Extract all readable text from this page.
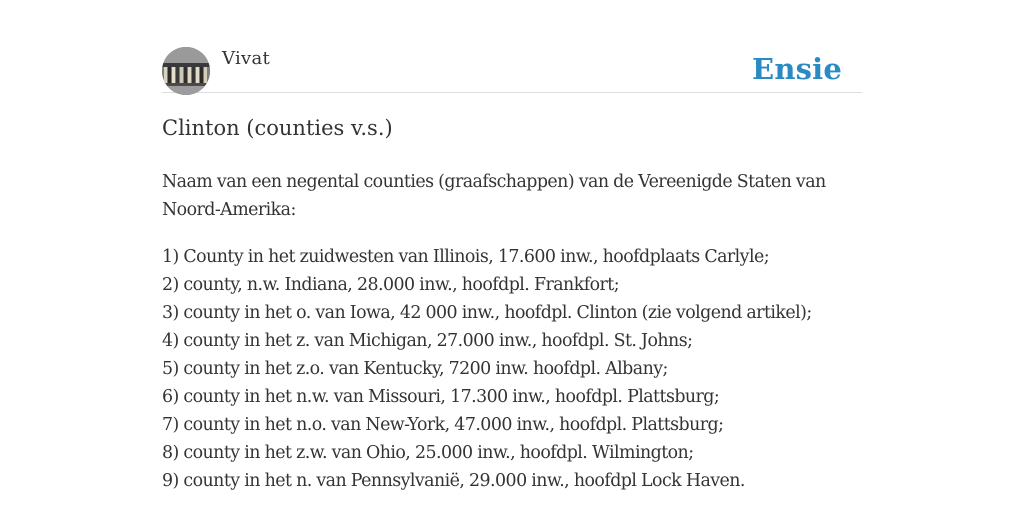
Vivat	Ensie
Clinton (counties v.s.)

Naam van een negental counties (graafschappen) van de Vereenigde Staten van Noord-Amerika:

1) County in het zuidwesten van Illinois, 17.600 inw., hoofdplaats Carlyle;
2) county, n.w. Indiana, 28.000 inw., hoofdpl. Frankfort;
3) county in het o. van Iowa, 42 000 inw., hoofdpl. Clinton (zie volgend artikel);
4) county in het z. van Michigan, 27.000 inw., hoofdpl. St. Johns;
5) county in het z.o. van Kentucky, 7200 inw. hoofdpl. Albany;
6) county in het n.w. van Missouri, 17.300 inw., hoofdpl. Plattsburg;
7) county in het n.o. van New-York, 47.000 inw., hoofdpl. Plattsburg;
8) county in het z.w. van Ohio, 25.000 inw., hoofdpl. Wilmington;
9) county in het n. van Pennsylvanië, 29.000 inw., hoofdpl Lock Haven.
